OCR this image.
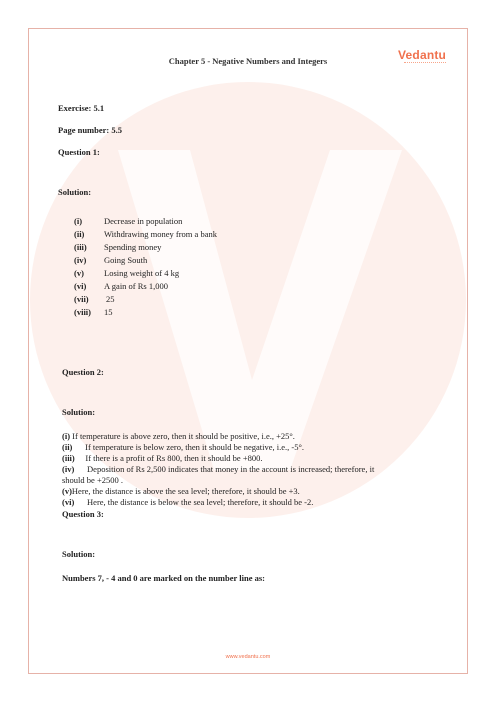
Chapter 5 - Negative Numbers and Integers	Vedantu
Exercise: 5.1
Page number: 5.5
Question 1:
Solution:
(i)	Decrease in population
(ii) Withdrawing money from a bank
(iii) Spending money
(iv) Going South
(v) Losing weight of 4 kg
(vi) A gain of Rs 1,000
(vii) 25
(viii) 15
Question 2:
Solution:
(i) If temperature is above zero, then it should be positive, i.e., +25°.
(ii)      If temperature is below zero, then it should be negative, i.e., -5°.
(iii)     If there is a profit of Rs 800, then it should be +800.
(iv)      Deposition of Rs 2,500 indicates that money in the account is increased; therefore, it
should be +2500 .
(v)Here, the distance is above the sea level; therefore, it should be +3.
(vi)      Here, the distance is below the sea level; therefore, it should be -2.
Question 3:
Solution:
Numbers 7, - 4 and 0 are marked on the number line as:
www.vedantu.com
